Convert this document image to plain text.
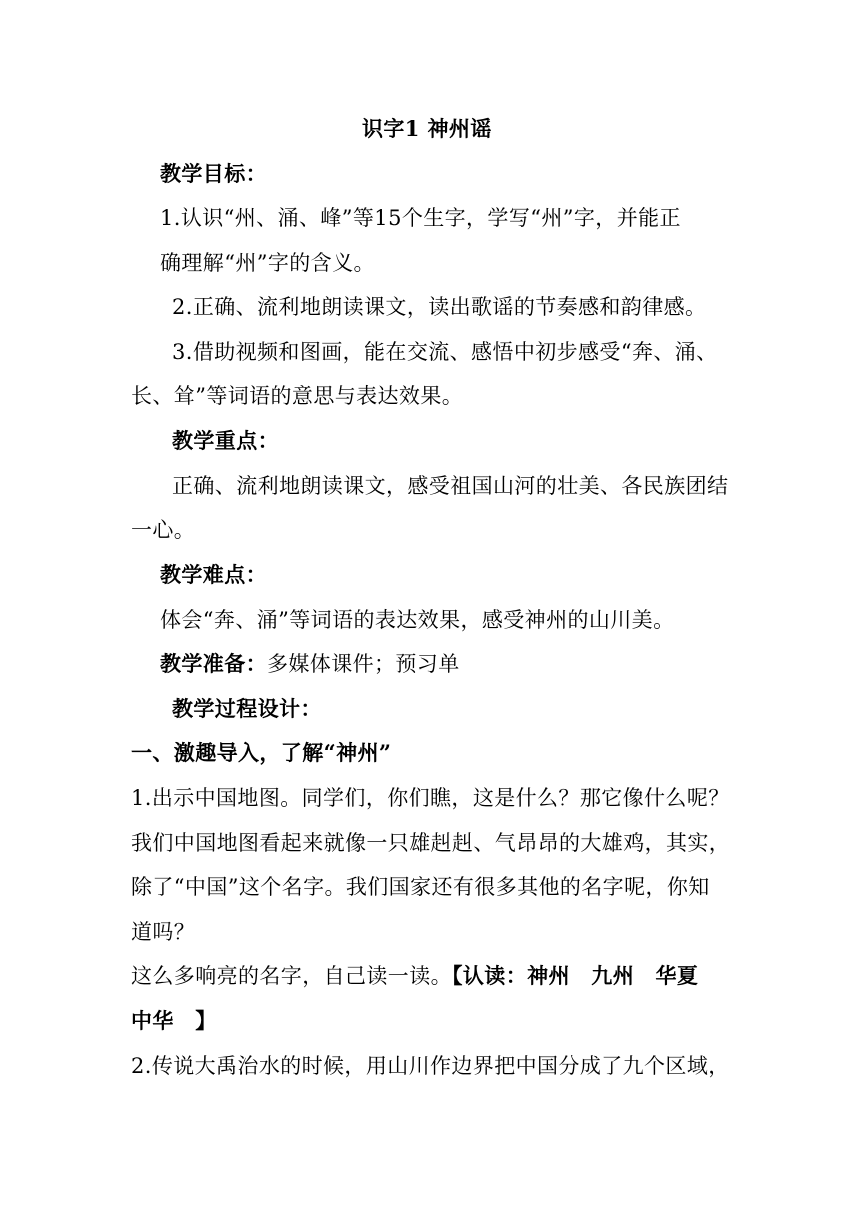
识字1 神州谣
教学目标：
1.认识“州、涌、峰”等15个生字，学写“州”字，并能正
确理解“州”字的含义。
2.正确、流利地朗读课文，读出歌谣的节奏感和韵律感。
3.借助视频和图画，能在交流、感悟中初步感受“奔、涌、
长、耸”等词语的意思与表达效果。
教学重点：
正确、流利地朗读课文，感受祖国山河的壮美、各民族团结
一心。
教学难点：
体会“奔、涌”等词语的表达效果，感受神州的山川美。
教学准备：多媒体课件；预习单
教学过程设计：
一、激趣导入，了解“神州”
1.出示中国地图。同学们，你们瞧，这是什么？那它像什么呢？
我们中国地图看起来就像一只雄赳赳、气昂昂的大雄鸡，其实，
除了“中国”这个名字。我们国家还有很多其他的名字呢，你知
道吗？
这么多响亮的名字，自己读一读。【认读：神州　九州　华夏
中华　】
2.传说大禹治水的时候，用山川作边界把中国分成了九个区域，
